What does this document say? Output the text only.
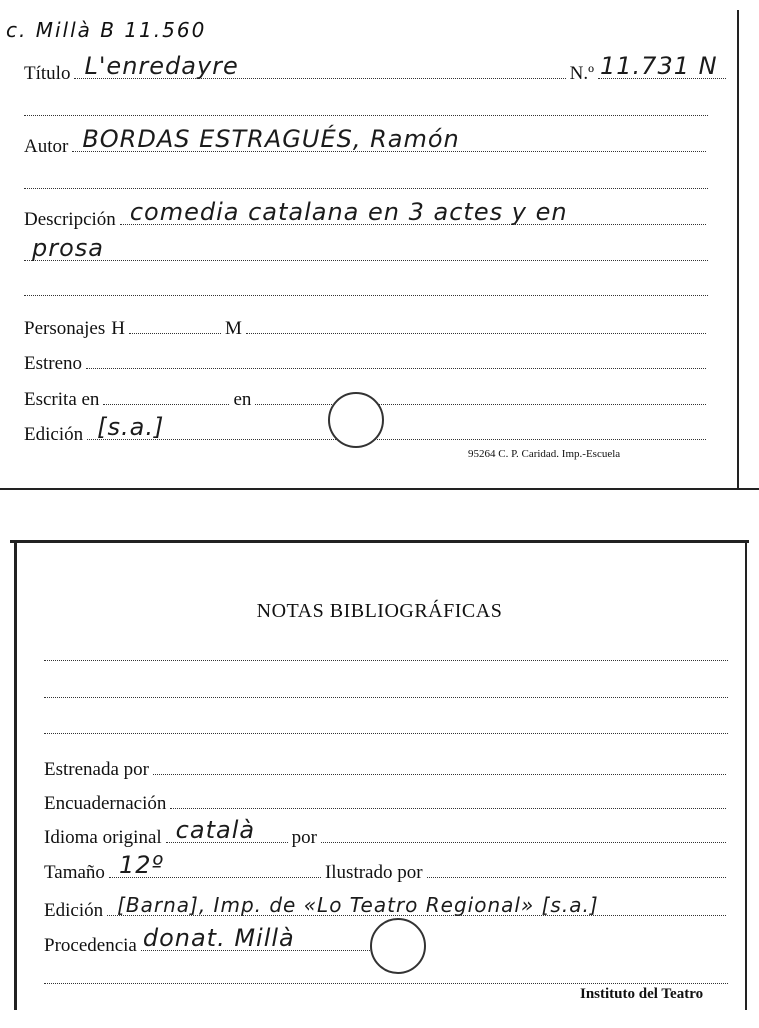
c. Millà B 11.560
Título L'enredayre	N.º 11.731 N
Autor BORDAS ESTRAGUÉS, Ramón
Descripción comedia catalana en 3 actes y en
prosa
Personajes H	M
Estreno
Escrita en	en
Edición [s.a.]
95264 C. P. Caridad. Imp.-Escuela
NOTAS BIBLIOGRÁFICAS
Estrenada por
Encuadernación
Idioma original català por
Tamaño 12º	Ilustrado por
Edición [Barna], Imp. de «Lo Teatro Regional» [s.a.]
Procedencia donat. Millà
Instituto del Teatro
